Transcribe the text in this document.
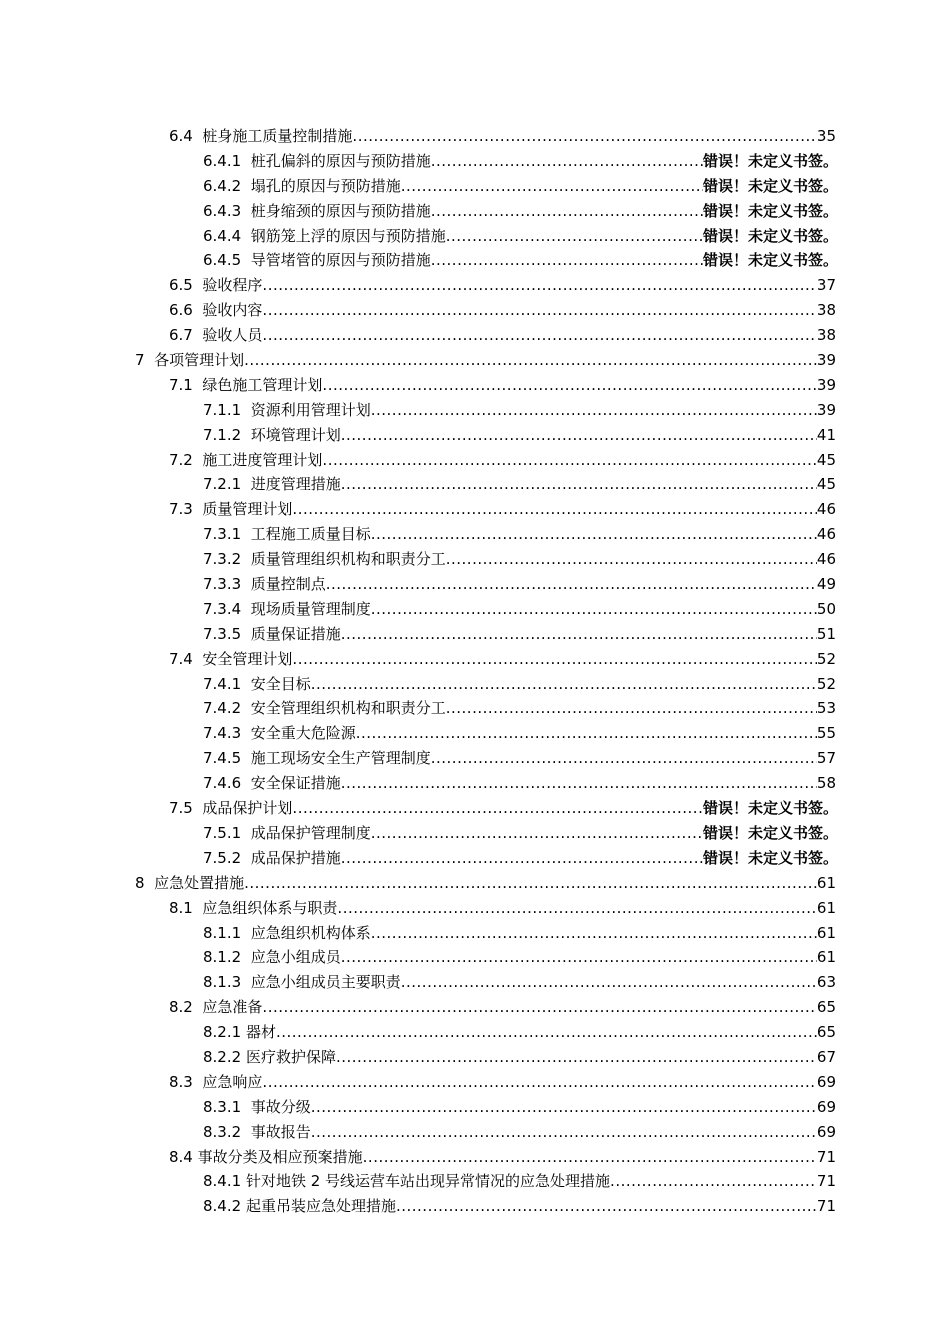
6.4 桩身施工质量控制措施 .....	35
6.4.1 桩孔偏斜的原因与预防措施 .....	错误！未定义书签。
6.4.2 塌孔的原因与预防措施 .....	错误！未定义书签。
6.4.3 桩身缩颈的原因与预防措施 .....	错误！未定义书签。
6.4.4 钢筋笼上浮的原因与预防措施 .....	错误！未定义书签。
6.4.5 导管堵管的原因与预防措施 .....	错误！未定义书签。
6.5 验收程序 .....	37
6.6 验收内容 .....	38
6.7 验收人员 .....	38
7 各项管理计划 .....	39
7.1 绿色施工管理计划 .....	39
7.1.1 资源利用管理计划 .....	39
7.1.2 环境管理计划 .....	41
7.2 施工进度管理计划 .....	45
7.2.1 进度管理措施 .....	45
7.3 质量管理计划 .....	46
7.3.1 工程施工质量目标 .....	46
7.3.2 质量管理组织机构和职责分工 .....	46
7.3.3 质量控制点 .....	49
7.3.4 现场质量管理制度 .....	50
7.3.5 质量保证措施 .....	51
7.4 安全管理计划 .....	52
7.4.1 安全目标 .....	52
7.4.2 安全管理组织机构和职责分工 .....	53
7.4.3 安全重大危险源 .....	55
7.4.5 施工现场安全生产管理制度 .....	57
7.4.6 安全保证措施 .....	58
7.5 成品保护计划 .....	错误！未定义书签。
7.5.1 成品保护管理制度 .....	错误！未定义书签。
7.5.2 成品保护措施 .....	错误！未定义书签。
8 应急处置措施 .....	61
8.1 应急组织体系与职责 .....	61
8.1.1 应急组织机构体系 .....	61
8.1.2 应急小组成员 .....	61
8.1.3 应急小组成员主要职责 .....	63
8.2 应急准备 .....	65
8.2.1 器材 .....	65
8.2.2 医疗救护保障 .....	67
8.3 应急响应 .....	69
8.3.1 事故分级 .....	69
8.3.2 事故报告 .....	69
8.4 事故分类及相应预案措施 .....	71
8.4.1 针对地铁 2 号线运营车站出现异常情况的应急处理措施 .....	71
8.4.2 起重吊装应急处理措施 .....	71
